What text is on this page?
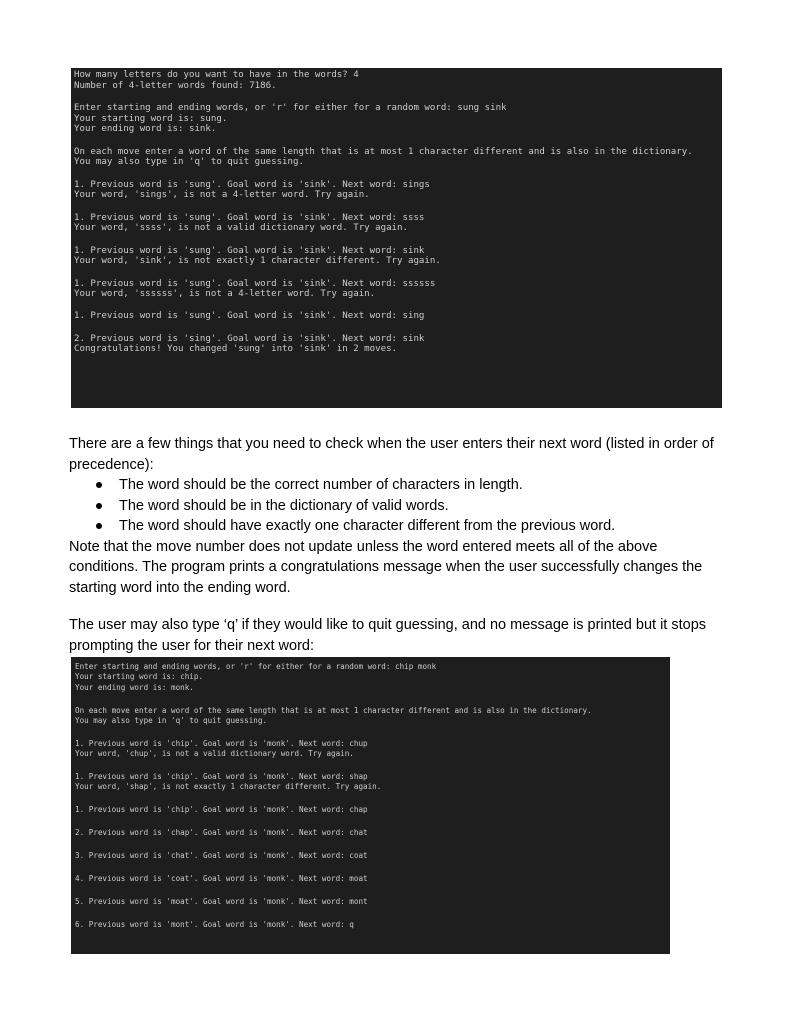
How many letters do you want to have in the words? 4
Number of 4-letter words found: 7186.
Enter starting and ending words, or 'r' for either for a random word: sung sink
Your starting word is: sung.
Your ending word is: sink.
On each move enter a word of the same length that is at most 1 character different and is also in the dictionary.
You may also type in 'q' to quit guessing.
1. Previous word is 'sung'. Goal word is 'sink'. Next word: sings
Your word, 'sings', is not a 4-letter word. Try again.
1. Previous word is 'sung'. Goal word is 'sink'. Next word: ssss
Your word, 'ssss', is not a valid dictionary word. Try again.
1. Previous word is 'sung'. Goal word is 'sink'. Next word: sink
Your word, 'sink', is not exactly 1 character different. Try again.
1. Previous word is 'sung'. Goal word is 'sink'. Next word: ssssss
Your word, 'ssssss', is not a 4-letter word. Try again.
1. Previous word is 'sung'. Goal word is 'sink'. Next word: sing
2. Previous word is 'sing'. Goal word is 'sink'. Next word: sink
Congratulations! You changed 'sung' into 'sink' in 2 moves.

There are a few things that you need to check when the user enters their next word (listed in order of precedence):

The word should be the correct number of characters in length.
The word should be in the dictionary of valid words.
The word should have exactly one character different from the previous word.

Note that the move number does not update unless the word entered meets all of the above conditions. The program prints a congratulations message when the user successfully changes the starting word into the ending word.

The user may also type ‘q’ if they would like to quit guessing, and no message is printed but it stops prompting the user for their next word:

Enter starting and ending words, or 'r' for either for a random word: chip monk
Your starting word is: chip.
Your ending word is: monk.
On each move enter a word of the same length that is at most 1 character different and is also in the dictionary.
You may also type in 'q' to quit guessing.
1. Previous word is 'chip'. Goal word is 'monk'. Next word: chup
Your word, 'chup', is not a valid dictionary word. Try again.
1. Previous word is 'chip'. Goal word is 'monk'. Next word: shap
Your word, 'shap', is not exactly 1 character different. Try again.
1. Previous word is 'chip'. Goal word is 'monk'. Next word: chap
2. Previous word is 'chap'. Goal word is 'monk'. Next word: chat
3. Previous word is 'chat'. Goal word is 'monk'. Next word: coat
4. Previous word is 'coat'. Goal word is 'monk'. Next word: moat
5. Previous word is 'moat'. Goal word is 'monk'. Next word: mont
6. Previous word is 'mont'. Goal word is 'monk'. Next word: q
